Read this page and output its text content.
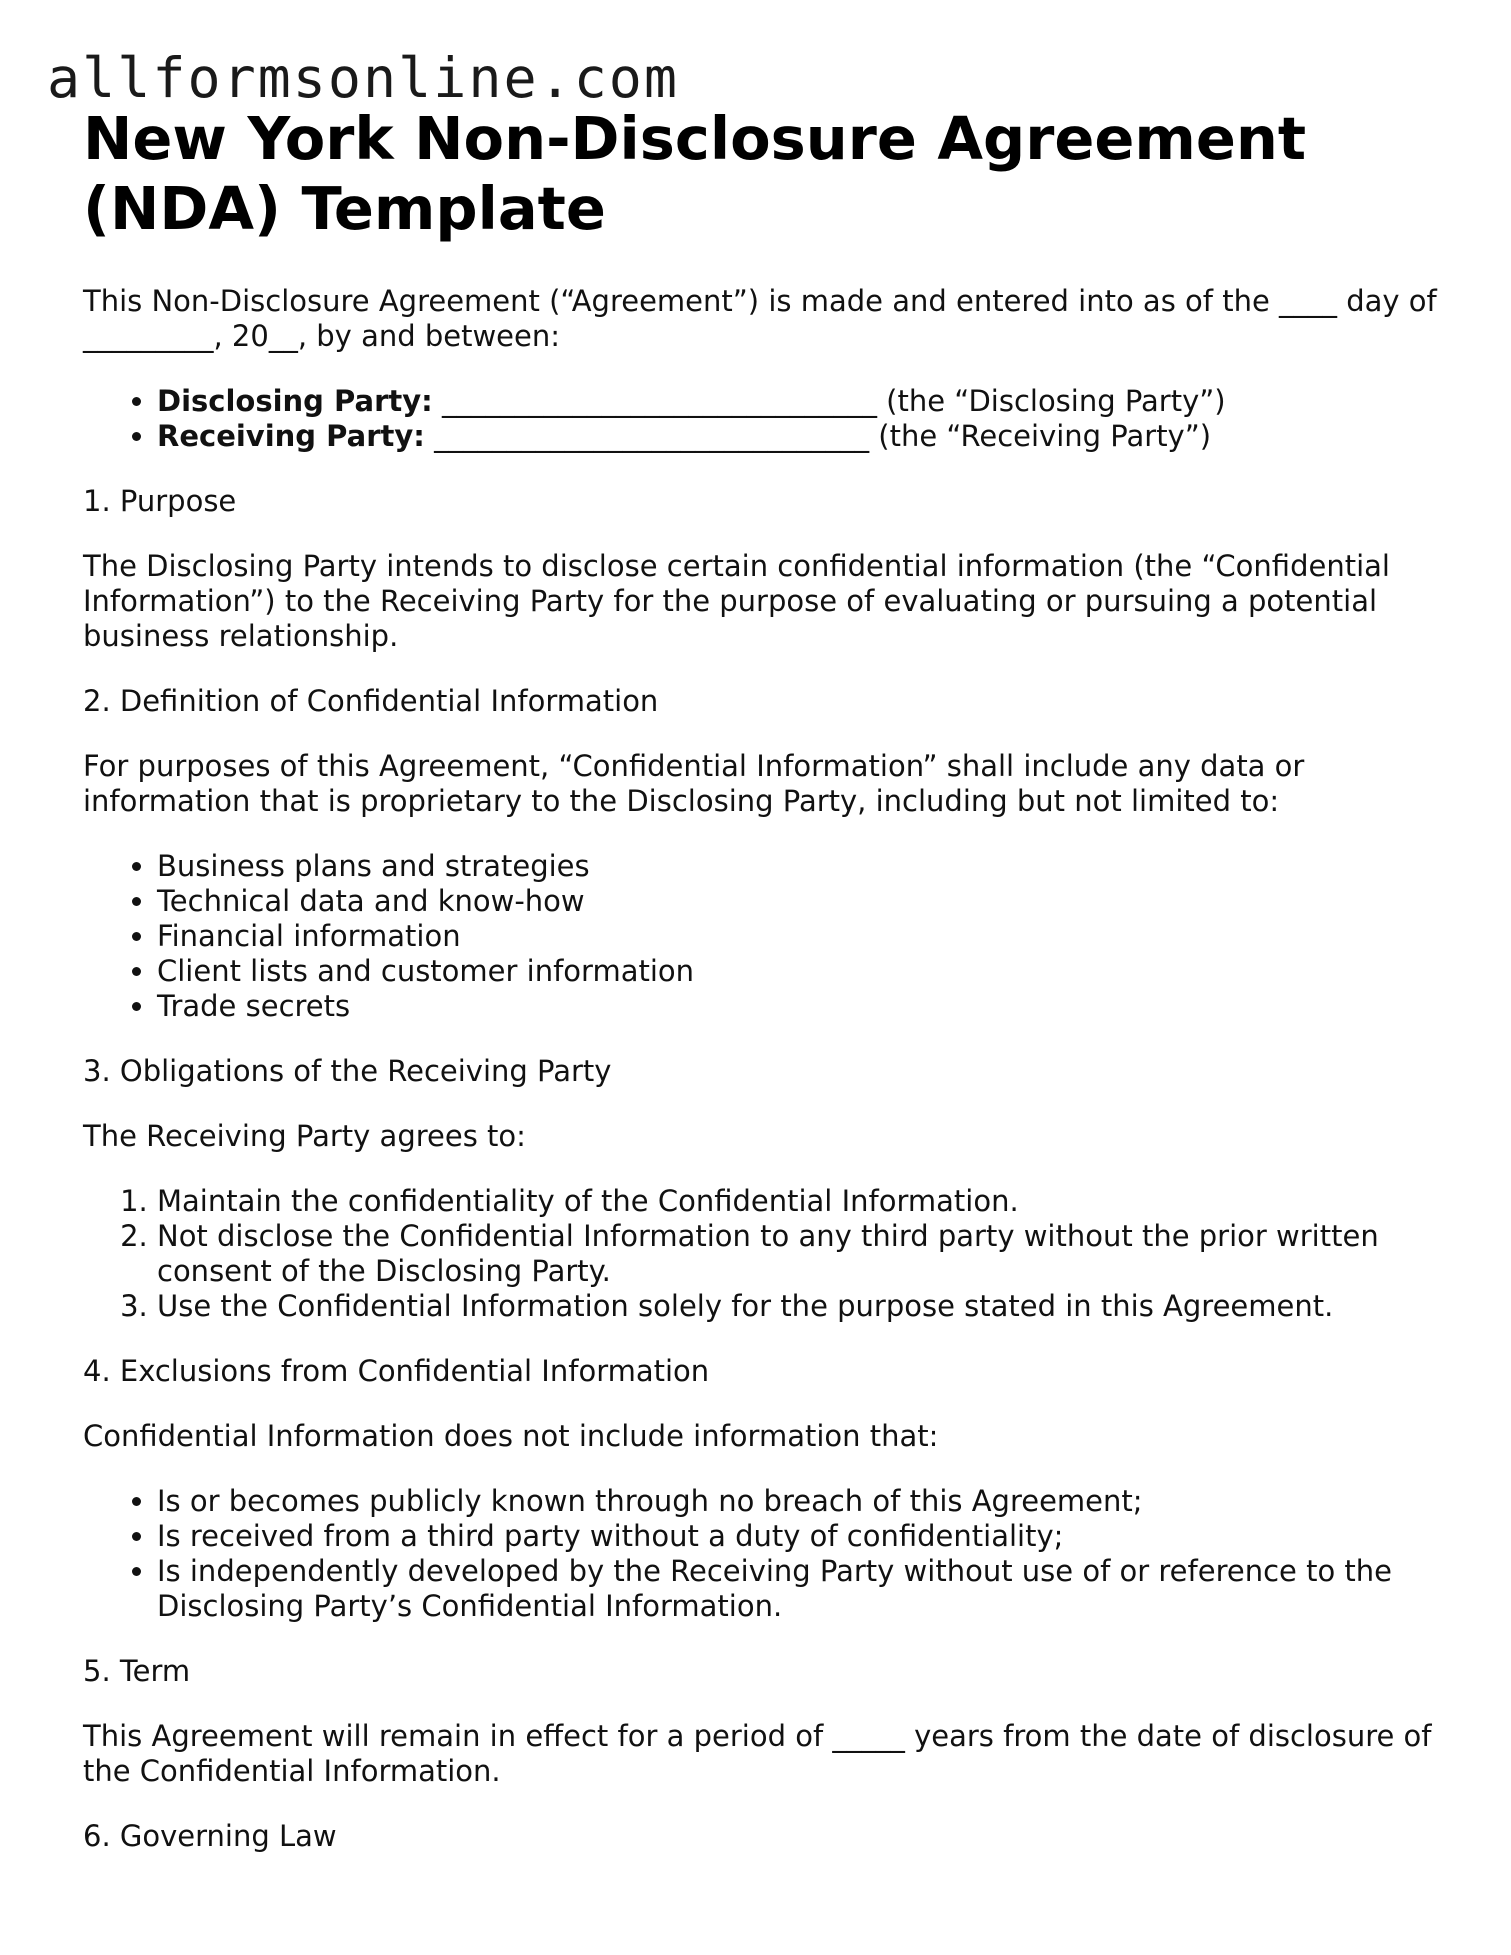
allformsonline.com
New York Non-Disclosure Agreement (NDA) Template

This Non-Disclosure Agreement (“Agreement”) is made and entered into as of the ____ day of _________, 20__, by and between:

• Disclosing Party: ______________________________ (the “Disclosing Party”)
• Receiving Party: ______________________________ (the “Receiving Party”)

1. Purpose

The Disclosing Party intends to disclose certain confidential information (the “Confidential Information”) to the Receiving Party for the purpose of evaluating or pursuing a potential business relationship.

2. Definition of Confidential Information

For purposes of this Agreement, “Confidential Information” shall include any data or information that is proprietary to the Disclosing Party, including but not limited to:

• Business plans and strategies
• Technical data and know-how
• Financial information
• Client lists and customer information
• Trade secrets

3. Obligations of the Receiving Party

The Receiving Party agrees to:

1. Maintain the confidentiality of the Confidential Information.
2. Not disclose the Confidential Information to any third party without the prior written consent of the Disclosing Party.
3. Use the Confidential Information solely for the purpose stated in this Agreement.

4. Exclusions from Confidential Information

Confidential Information does not include information that:

• Is or becomes publicly known through no breach of this Agreement;
• Is received from a third party without a duty of confidentiality;
• Is independently developed by the Receiving Party without use of or reference to the Disclosing Party’s Confidential Information.

5. Term

This Agreement will remain in effect for a period of _____ years from the date of disclosure of the Confidential Information.

6. Governing Law
